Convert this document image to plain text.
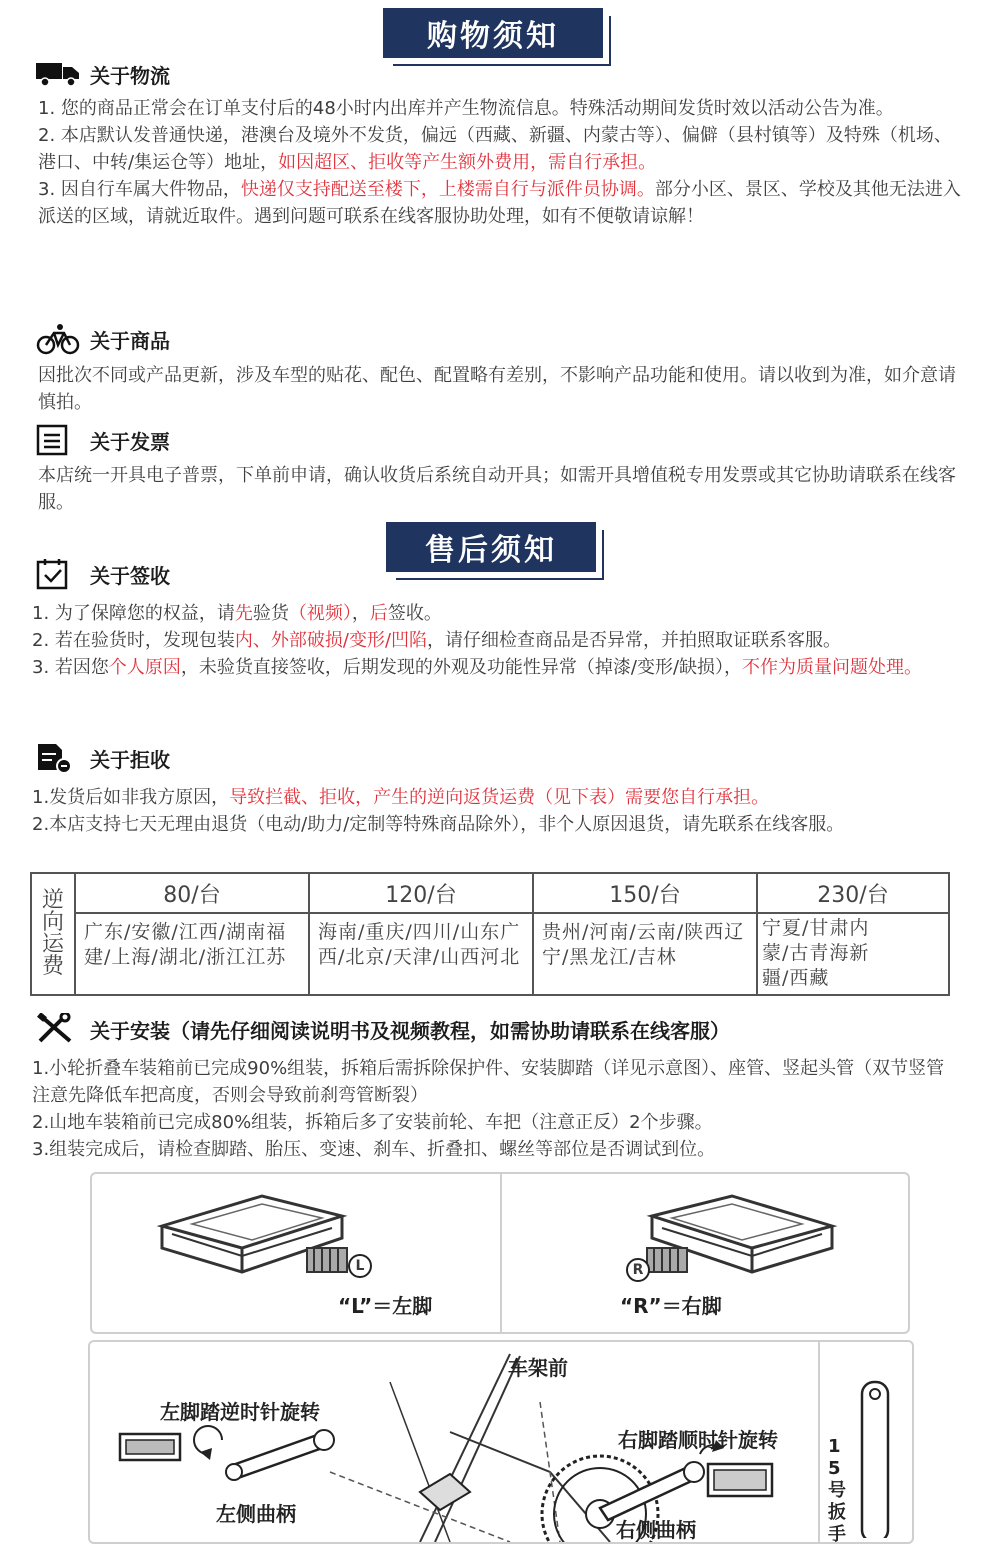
购物须知
关于物流
1. 您的商品正常会在订单支付后的48小时内出库并产生物流信息。特殊活动期间发货时效以活动公告为准。
2. 本店默认发普通快递，港澳台及境外不发货，偏远（西藏、新疆、内蒙古等）、偏僻（县村镇等）及特殊（机场、港口、中转/集运仓等）地址，如因超区、拒收等产生额外费用，需自行承担。
3. 因自行车属大件物品，快递仅支持配送至楼下，上楼需自行与派件员协调。部分小区、景区、学校及其他无法进入派送的区域，请就近取件。遇到问题可联系在线客服协助处理，如有不便敬请谅解！
关于商品
因批次不同或产品更新，涉及车型的贴花、配色、配置略有差别，不影响产品功能和使用。请以收到为准，如介意请慎拍。
关于发票
本店统一开具电子普票，下单前申请，确认收货后系统自动开具；如需开具增值税专用发票或其它协助请联系在线客服。
售后须知
关于签收
1. 为了保障您的权益，请先验货（视频），后签收。
2. 若在验货时，发现包装内、外部破损/变形/凹陷，请仔细检查商品是否异常，并拍照取证联系客服。
3. 若因您个人原因，未验货直接签收，后期发现的外观及功能性异常（掉漆/变形/缺损），不作为质量问题处理。
关于拒收
1.发货后如非我方原因，导致拦截、拒收，产生的逆向返货运费（见下表）需要您自行承担。
2.本店支持七天无理由退货（电动/助力/定制等特殊商品除外），非个人原因退货，请先联系在线客服。
逆向运费	80/台	120/台	150/台	230/台
	广东/安徽/江西/湖南福建/上海/湖北/浙江江苏	海南/重庆/四川/山东广西/北京/天津/山西河北	贵州/河南/云南/陕西辽宁/黑龙江/吉林	宁夏/甘肃内蒙/古青海新疆/西藏
关于安装（请先仔细阅读说明书及视频教程，如需协助请联系在线客服）
1.小轮折叠车装箱前已完成90%组装，拆箱后需拆除保护件、安装脚踏（详见示意图）、座管、竖起头管（双节竖管注意先降低车把高度，否则会导致前刹弯管断裂）
2.山地车装箱前已完成80%组装，拆箱后多了安装前轮、车把（注意正反）2个步骤。
3.组装完成后，请检查脚踏、胎压、变速、刹车、折叠扣、螺丝等部位是否调试到位。
L
“L”＝左脚
R
“R”＝右脚
车架前
左脚踏逆时针旋转
右脚踏顺时针旋转
左侧曲柄
右侧曲柄
15号扳手
